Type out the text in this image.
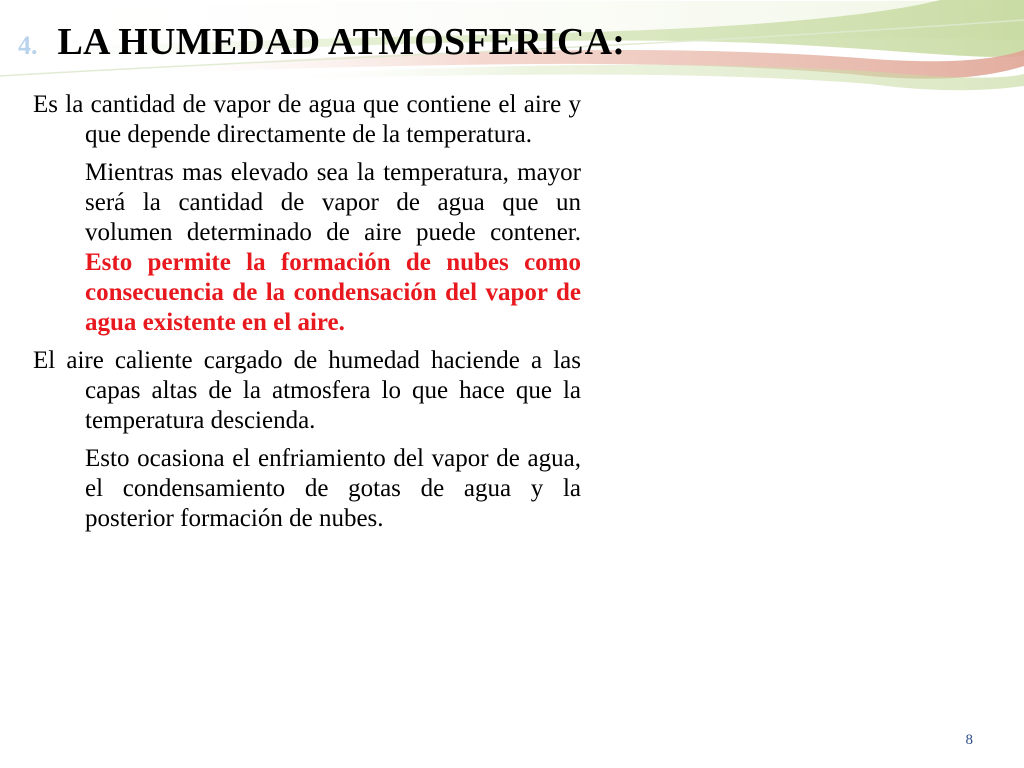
4. LA HUMEDAD ATMOSFERICA:

Es la cantidad de vapor de agua que contiene el aire y que depende directamente de la temperatura.

Mientras mas elevado sea la temperatura, mayor será la cantidad de vapor de agua que un volumen determinado de aire puede contener. Esto permite la formación de nubes como consecuencia de la condensación del vapor de agua existente en el aire.

El aire caliente cargado de humedad haciende a las capas altas de la atmosfera lo que hace que la temperatura descienda.

Esto ocasiona el enfriamiento del vapor de agua, el condensamiento de gotas de agua y la posterior formación de nubes.

8
